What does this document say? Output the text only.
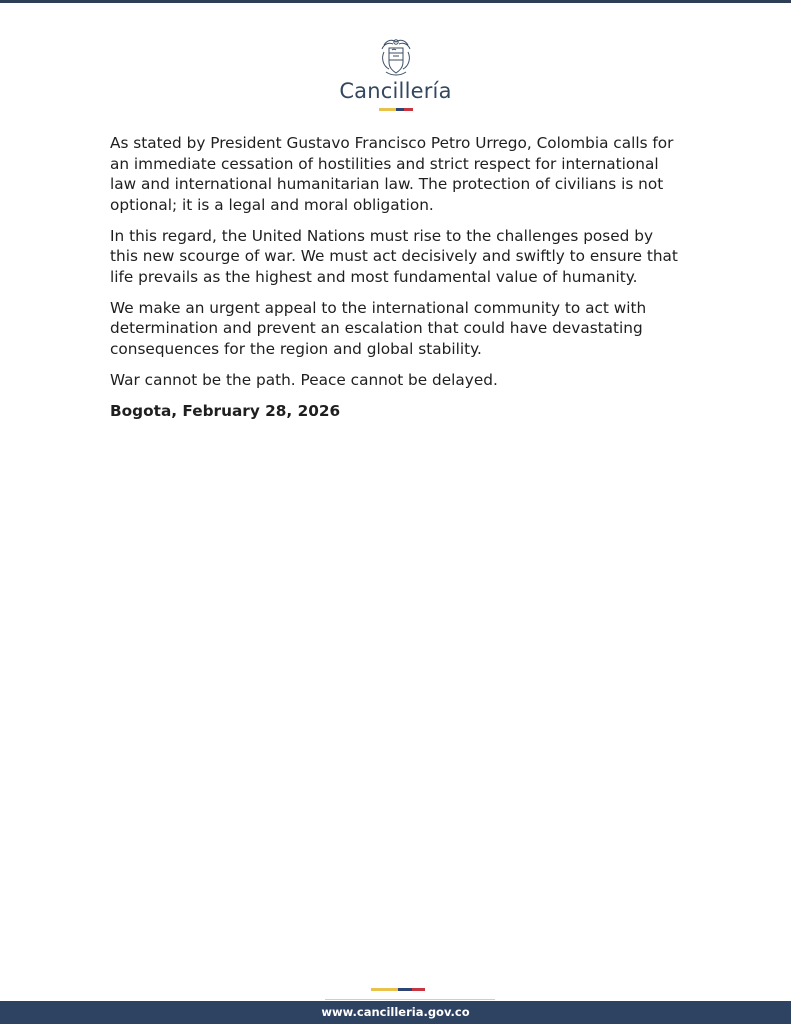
Cancillería

As stated by President Gustavo Francisco Petro Urrego, Colombia calls for an immediate cessation of hostilities and strict respect for international law and international humanitarian law. The protection of civilians is not optional; it is a legal and moral obligation.

In this regard, the United Nations must rise to the challenges posed by this new scourge of war. We must act decisively and swiftly to ensure that life prevails as the highest and most fundamental value of humanity.

We make an urgent appeal to the international community to act with determination and prevent an escalation that could have devastating consequences for the region and global stability.

War cannot be the path. Peace cannot be delayed.

Bogota, February 28, 2026

www.cancilleria.gov.co
